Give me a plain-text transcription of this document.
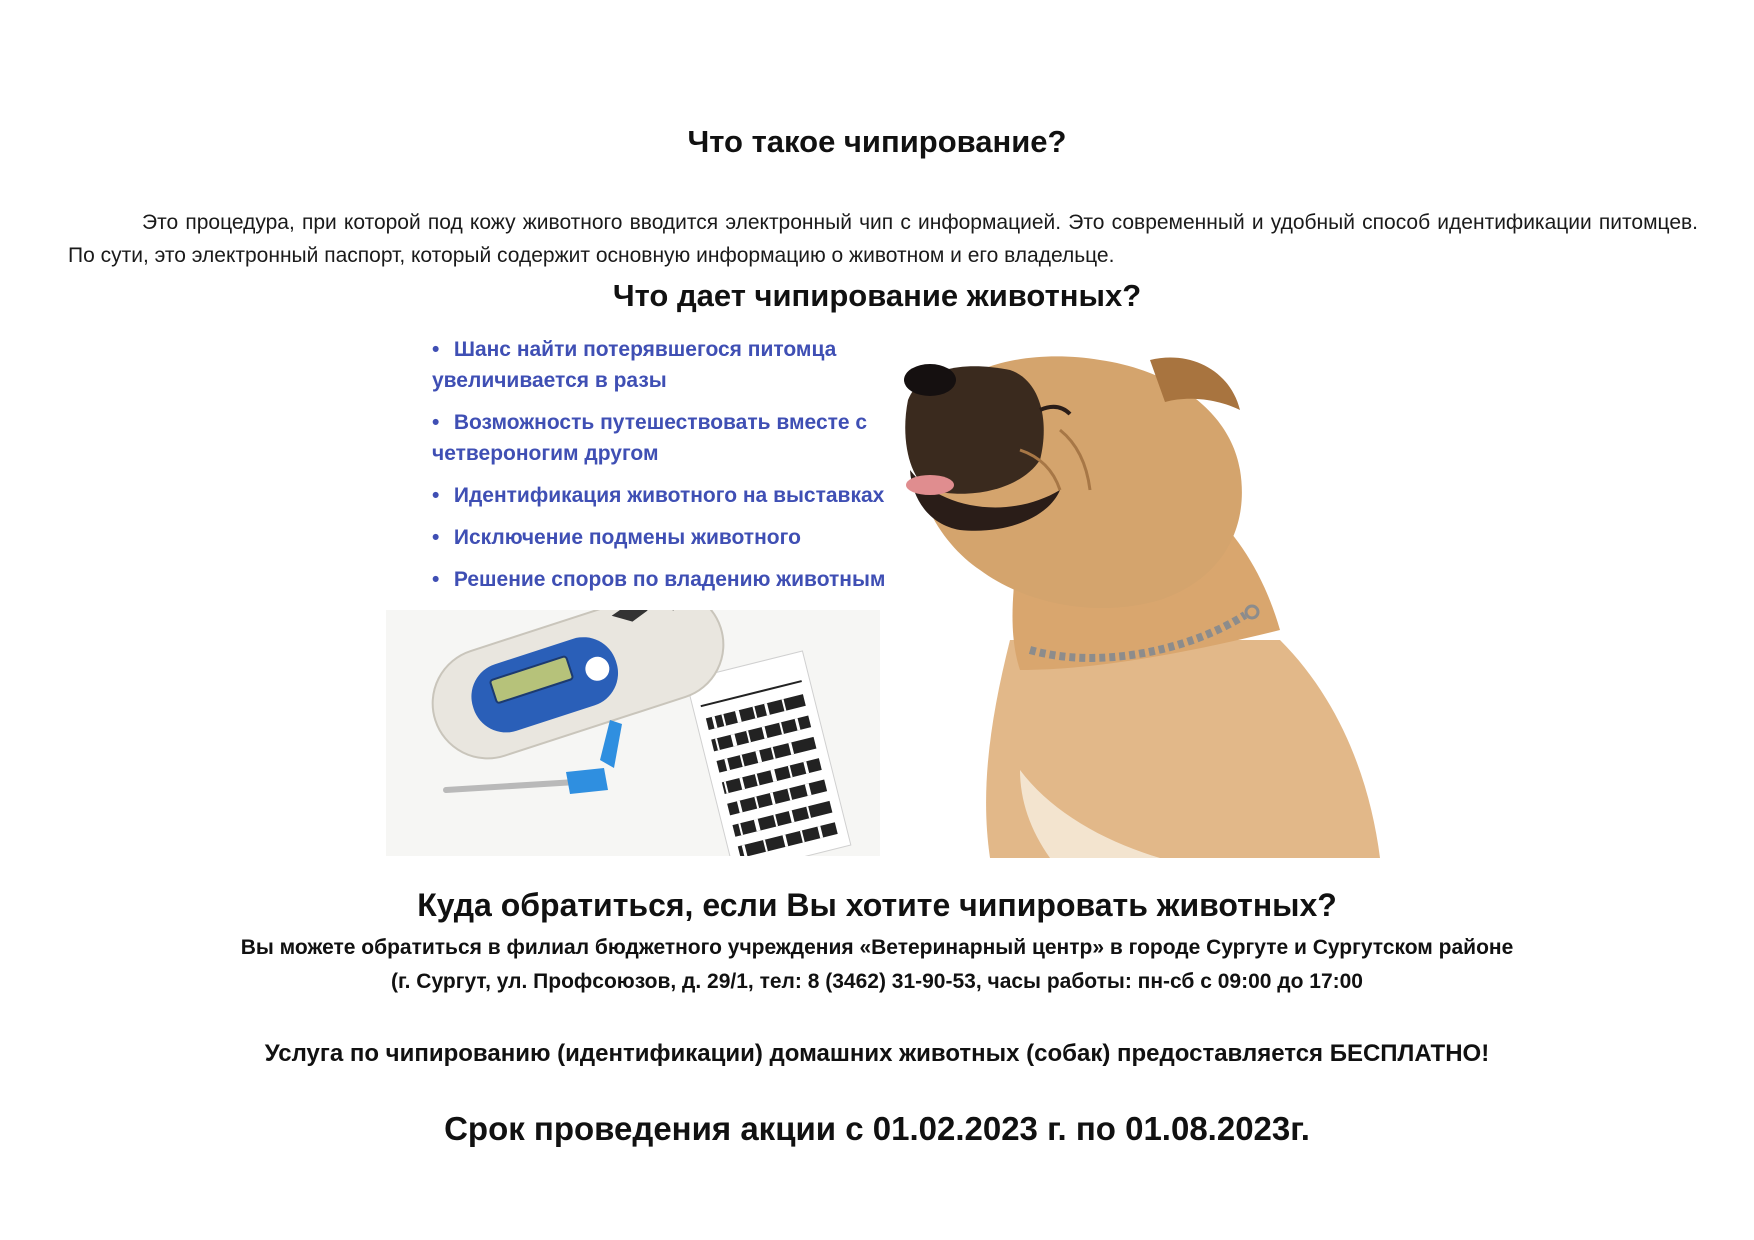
Что такое чипирование?
Это процедура, при которой под кожу животного вводится электронный чип с информацией. Это современный и удобный способ идентификации питомцев. По сути, это электронный паспорт, который содержит основную информацию о животном и его владельце.
Что дает чипирование животных?
• Шанс найти потерявшегося питомца увеличивается в разы
• Возможность путешествовать вместе с четвероногим другом
• Идентификация животного на выставках
• Исключение подмены животного
• Решение споров по владению животным
Куда обратиться, если Вы хотите чипировать животных?
Вы можете обратиться в филиал бюджетного учреждения «Ветеринарный центр» в городе Сургуте и Сургутском районе
(г. Сургут, ул. Профсоюзов, д. 29/1, тел: 8 (3462) 31-90-53, часы работы: пн-сб с 09:00 до 17:00
Услуга по чипированию (идентификации) домашних животных (собак) предоставляется БЕСПЛАТНО!
Срок проведения акции с 01.02.2023 г. по 01.08.2023г.
